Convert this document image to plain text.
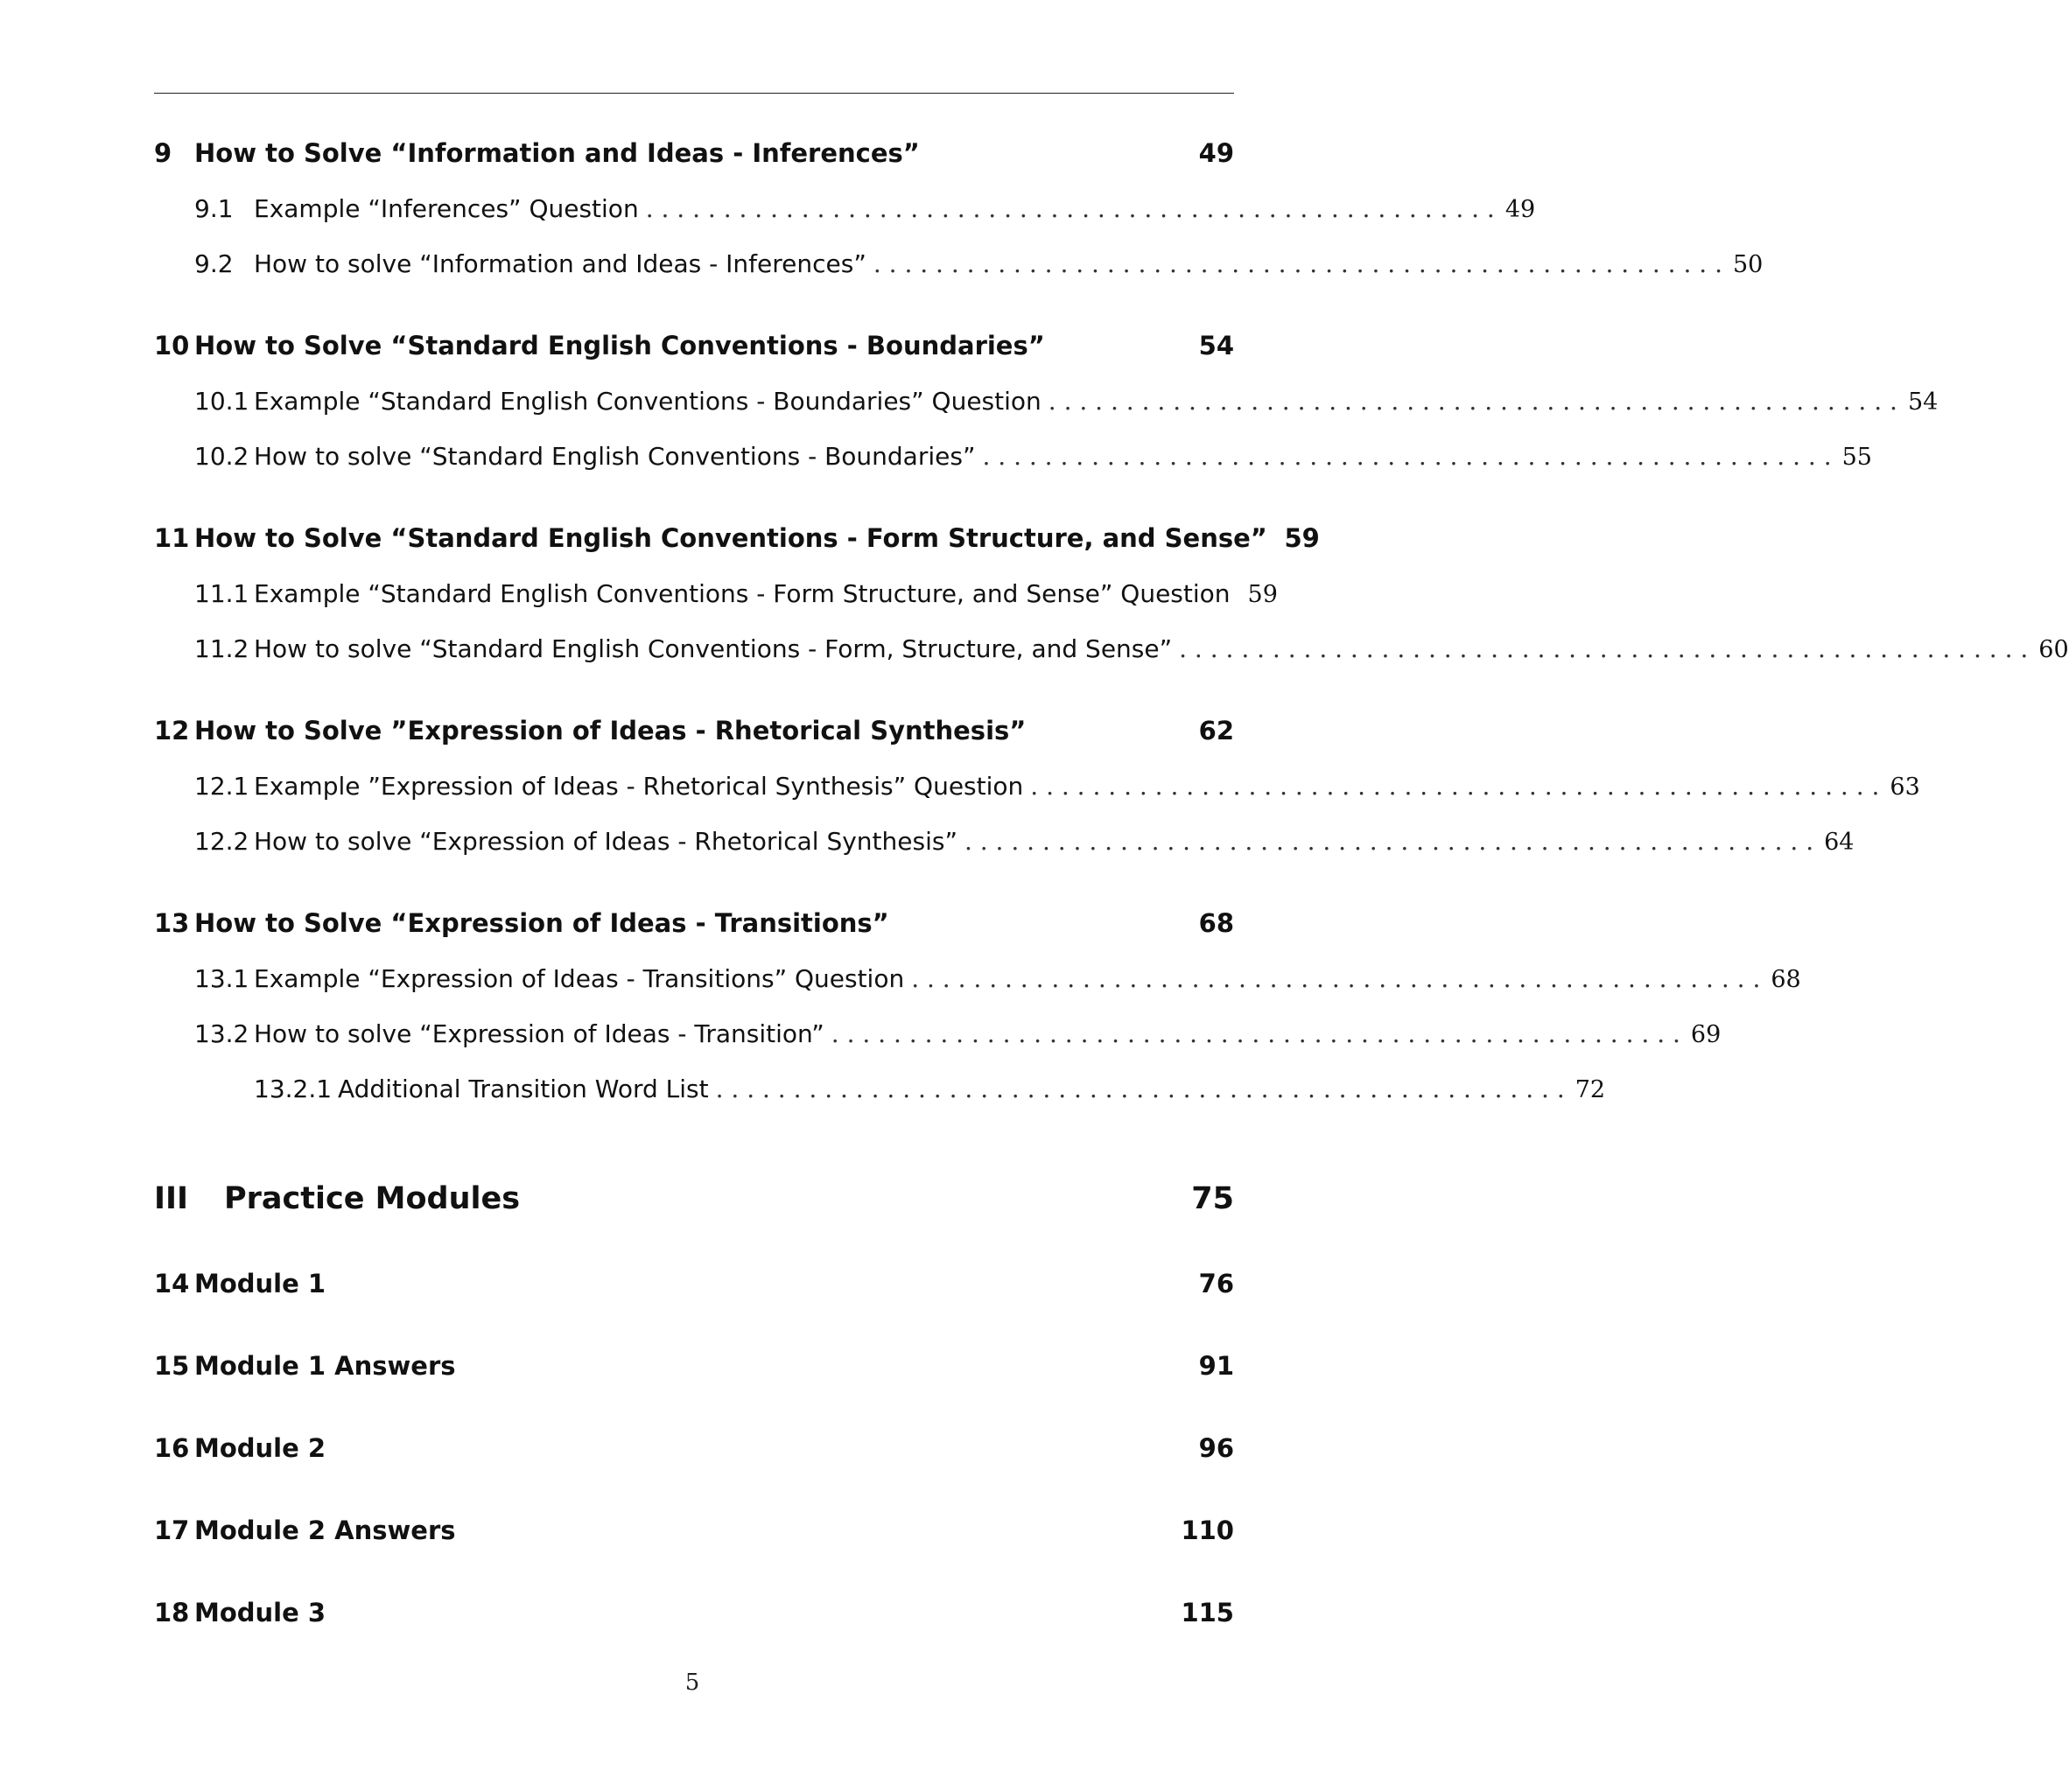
9 How to Solve “Information and Ideas - Inferences”	49
9.1 Example “Inferences” Question . . . . . . . . . . . . . . . . . . . . . . . . . . . . . . . . . . . . . . . . . . . . . . . . . . . . . . . 49
9.2 How to solve “Information and Ideas - Inferences” . . . . . . . . . . . . . . . . . . . . . . . . . . . . . . . . . . . . . . . . . . . . . . . . . . . . . . . 50
10 How to Solve “Standard English Conventions - Boundaries”	54
10.1 Example “Standard English Conventions - Boundaries” Question . . . . . . . . . . . . . . . . . . . . . . . . . . . . . . . . . . . . . . . . . . . . . . . . . . . . . . . 54
10.2 How to solve “Standard English Conventions - Boundaries” . . . . . . . . . . . . . . . . . . . . . . . . . . . . . . . . . . . . . . . . . . . . . . . . . . . . . . . 55
11 How to Solve “Standard English Conventions - Form Structure, and Sense” 59
11.1 Example “Standard English Conventions - Form Structure, and Sense” Question 59
11.2 How to solve “Standard English Conventions - Form, Structure, and Sense” . . . . . . . . . . . . . . . . . . . . . . . . . . . . . . . . . . . . . . . . . . . . . . . . . . . . . . . 60
12 How to Solve ”Expression of Ideas - Rhetorical Synthesis”	62
12.1 Example ”Expression of Ideas - Rhetorical Synthesis” Question . . . . . . . . . . . . . . . . . . . . . . . . . . . . . . . . . . . . . . . . . . . . . . . . . . . . . . . 63
12.2 How to solve “Expression of Ideas - Rhetorical Synthesis” . . . . . . . . . . . . . . . . . . . . . . . . . . . . . . . . . . . . . . . . . . . . . . . . . . . . . . . 64
13 How to Solve “Expression of Ideas - Transitions”	68
13.1 Example “Expression of Ideas - Transitions” Question . . . . . . . . . . . . . . . . . . . . . . . . . . . . . . . . . . . . . . . . . . . . . . . . . . . . . . . 68
13.2 How to solve “Expression of Ideas - Transition” . . . . . . . . . . . . . . . . . . . . . . . . . . . . . . . . . . . . . . . . . . . . . . . . . . . . . . . 69
13.2.1 Additional Transition Word List . . . . . . . . . . . . . . . . . . . . . . . . . . . . . . . . . . . . . . . . . . . . . . . . . . . . . . . 72
III	Practice Modules	75
14 Module 1	76
15 Module 1 Answers	91
16 Module 2	96
17 Module 2 Answers	110
18 Module 3	115
5
